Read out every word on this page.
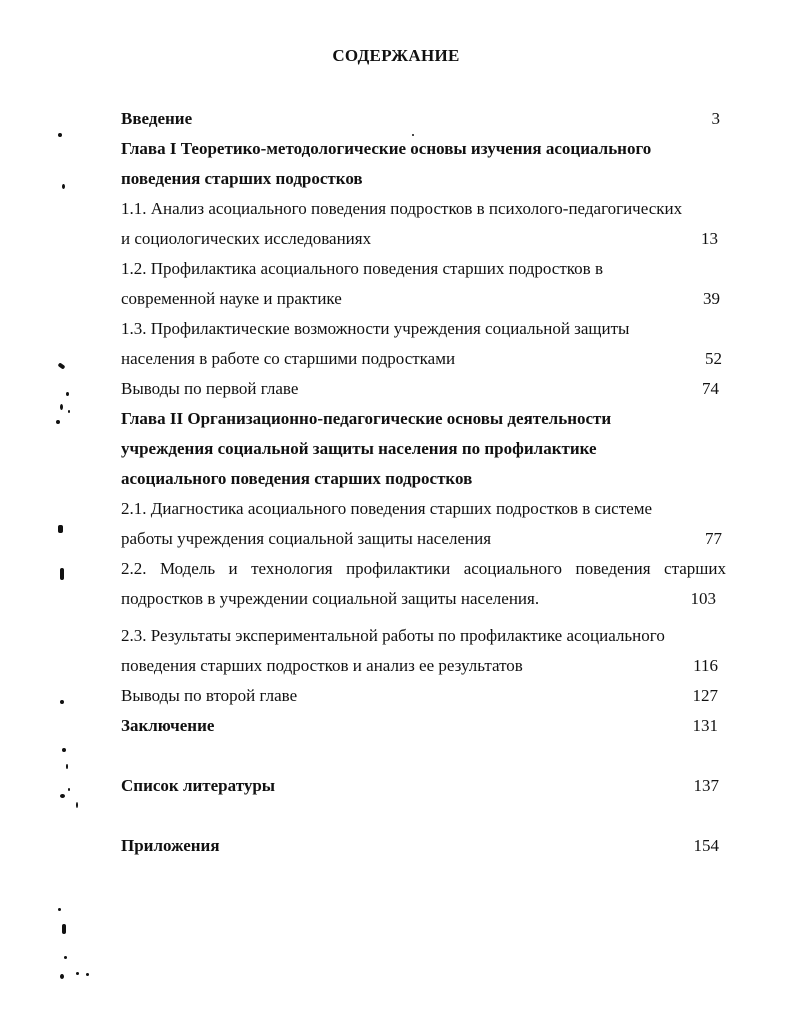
СОДЕРЖАНИЕ
Введение	3
Глава I Теоретико-методологические основы изучения асоциального
поведения старших подростков
1.1. Анализ асоциального поведения подростков в психолого-педагогических
и социологических исследованиях	13
1.2. Профилактика асоциального поведения старших подростков в
современной науке и практике	39
1.3. Профилактические возможности учреждения социальной защиты
населения в работе со старшими подростками	52
Выводы по первой главе	74
Глава II Организационно-педагогические основы деятельности
учреждения социальной защиты населения по профилактике
асоциального поведения старших подростков
2.1. Диагностика асоциального поведения старших подростков в системе
работы учреждения социальной защиты населения	77
2.2. Модель и технология профилактики асоциального поведения старших
подростков в учреждении социальной защиты населения.	103
2.3. Результаты экспериментальной работы по профилактике асоциального
поведения старших подростков и анализ ее результатов	116
Выводы по второй главе	127
Заключение	131
Список литературы	137
Приложения	154
